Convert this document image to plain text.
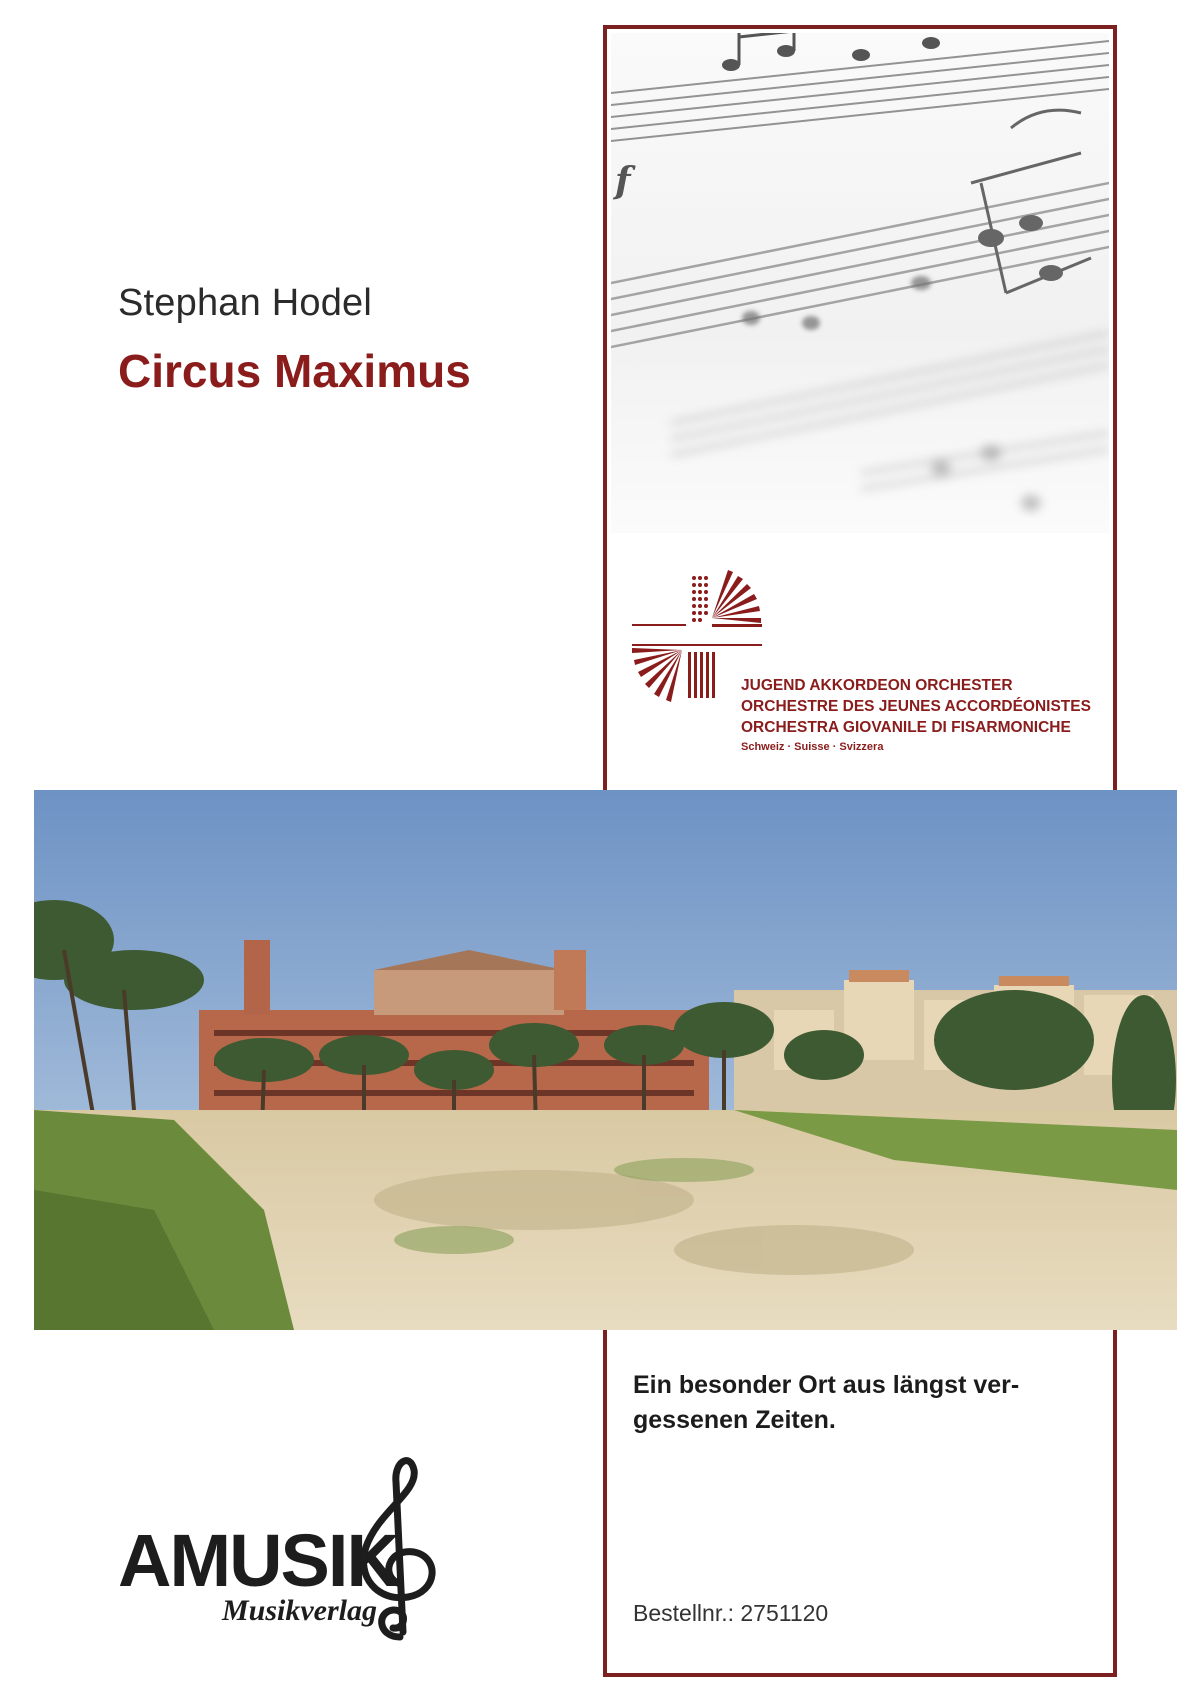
f
Stephan Hodel
Circus Maximus
JUGEND AKKORDEON ORCHESTER
ORCHESTRE DES JEUNES ACCORDÉONISTES
ORCHESTRA GIOVANILE DI FISARMONICHE
Schweiz · Suisse · Svizzera
Ein besonder Ort aus längst ver-
gessenen Zeiten.
Bestellnr.: 2751120
AMUSIK
Musikverlag
